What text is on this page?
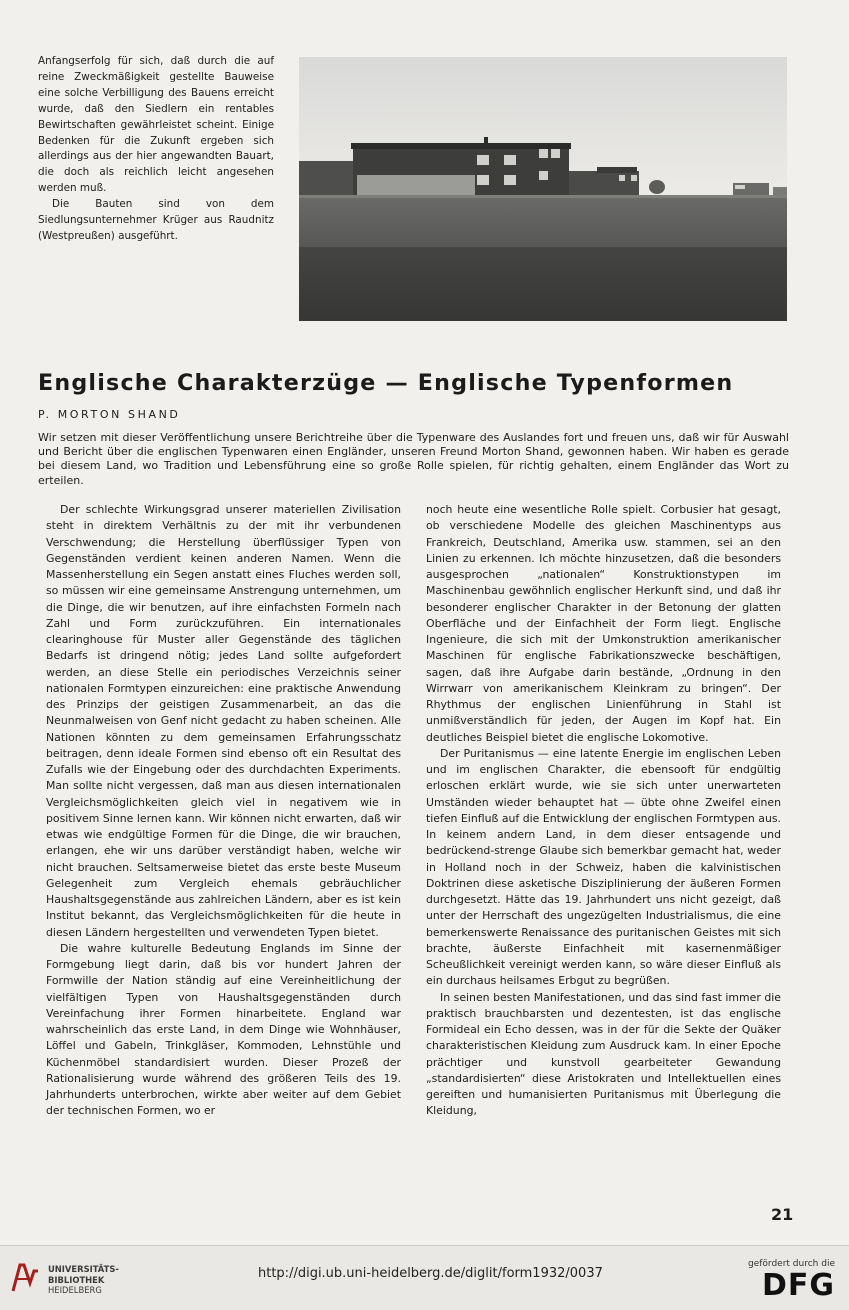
Anfangserfolg für sich, daß durch die auf reine Zweckmäßigkeit gestellte Bauweise eine solche Verbilligung des Bauens erreicht wurde, daß den Siedlern ein rentables Bewirtschaften gewährleistet scheint. Einige Bedenken für die Zukunft ergeben sich allerdings aus der hier angewandten Bauart, die doch als reichlich leicht angesehen werden muß.

Die Bauten sind von dem Siedlungsunternehmer Krüger aus Raudnitz (Westpreußen) ausgeführt.

Englische Charakterzüge — Englische Typenformen
P. MORTON SHAND

Wir setzen mit dieser Veröffentlichung unsere Berichtreihe über die Typenware des Auslandes fort und freuen uns, daß wir für Auswahl und Bericht über die englischen Typenwaren einen Engländer, unseren Freund Morton Shand, gewonnen haben. Wir haben es gerade bei diesem Land, wo Tradition und Lebensführung eine so große Rolle spielen, für richtig gehalten, einem Engländer das Wort zu erteilen.

Der schlechte Wirkungsgrad unserer materiellen Zivilisation steht in direktem Verhältnis zu der mit ihr verbundenen Verschwendung; die Herstellung überflüssiger Typen von Gegenständen verdient keinen anderen Namen. Wenn die Massenherstellung ein Segen anstatt eines Fluches werden soll, so müssen wir eine gemeinsame Anstrengung unternehmen, um die Dinge, die wir benutzen, auf ihre einfachsten Formeln nach Zahl und Form zurückzuführen. Ein internationales clearinghouse für Muster aller Gegenstände des täglichen Bedarfs ist dringend nötig; jedes Land sollte aufgefordert werden, an diese Stelle ein periodisches Verzeichnis seiner nationalen Formtypen einzureichen: eine praktische Anwendung des Prinzips der geistigen Zusammenarbeit, an das die Neunmalweisen von Genf nicht gedacht zu haben scheinen. Alle Nationen könnten zu dem gemeinsamen Erfahrungsschatz beitragen, denn ideale Formen sind ebenso oft ein Resultat des Zufalls wie der Eingebung oder des durchdachten Experiments. Man sollte nicht vergessen, daß man aus diesen internationalen Vergleichsmöglichkeiten gleich viel in negativem wie in positivem Sinne lernen kann. Wir können nicht erwarten, daß wir etwas wie endgültige Formen für die Dinge, die wir brauchen, erlangen, ehe wir uns darüber verständigt haben, welche wir nicht brauchen. Seltsamerweise bietet das erste beste Museum Gelegenheit zum Vergleich ehemals gebräuchlicher Haushaltsgegenstände aus zahlreichen Ländern, aber es ist kein Institut bekannt, das Vergleichsmöglichkeiten für die heute in diesen Ländern hergestellten und verwendeten Typen bietet.

Die wahre kulturelle Bedeutung Englands im Sinne der Formgebung liegt darin, daß bis vor hundert Jahren der Formwille der Nation ständig auf eine Vereinheitlichung der vielfältigen Typen von Haushaltsgegenständen durch Vereinfachung ihrer Formen hinarbeitete. England war wahrscheinlich das erste Land, in dem Dinge wie Wohnhäuser, Löffel und Gabeln, Trinkgläser, Kommoden, Lehnstühle und Küchenmöbel standardisiert wurden. Dieser Prozeß der Rationalisierung wurde während des größeren Teils des 19. Jahrhunderts unterbrochen, wirkte aber weiter auf dem Gebiet der technischen Formen, wo er

noch heute eine wesentliche Rolle spielt. Corbusier hat gesagt, ob verschiedene Modelle des gleichen Maschinentyps aus Frankreich, Deutschland, Amerika usw. stammen, sei an den Linien zu erkennen. Ich möchte hinzusetzen, daß die besonders ausgesprochen „nationalen“ Konstruktionstypen im Maschinenbau gewöhnlich englischer Herkunft sind, und daß ihr besonderer englischer Charakter in der Betonung der glatten Oberfläche und der Einfachheit der Form liegt. Englische Ingenieure, die sich mit der Umkonstruktion amerikanischer Maschinen für englische Fabrikationszwecke beschäftigen, sagen, daß ihre Aufgabe darin bestände, „Ordnung in den Wirrwarr von amerikanischem Kleinkram zu bringen“. Der Rhythmus der englischen Linienführung in Stahl ist unmißverständlich für jeden, der Augen im Kopf hat. Ein deutliches Beispiel bietet die englische Lokomotive.

Der Puritanismus — eine latente Energie im englischen Leben und im englischen Charakter, die ebensooft für endgültig erloschen erklärt wurde, wie sie sich unter unerwarteten Umständen wieder behauptet hat — übte ohne Zweifel einen tiefen Einfluß auf die Entwicklung der englischen Formtypen aus. In keinem andern Land, in dem dieser entsagende und bedrückend-strenge Glaube sich bemerkbar gemacht hat, weder in Holland noch in der Schweiz, haben die kalvinistischen Doktrinen diese asketische Disziplinierung der äußeren Formen durchgesetzt. Hätte das 19. Jahrhundert uns nicht gezeigt, daß unter der Herrschaft des ungezügelten Industrialismus, die eine bemerkenswerte Renaissance des puritanischen Geistes mit sich brachte, äußerste Einfachheit mit kasernenmäßiger Scheußlichkeit vereinigt werden kann, so wäre dieser Einfluß als ein durchaus heilsames Erbgut zu begrüßen.

In seinen besten Manifestationen, und das sind fast immer die praktisch brauchbarsten und dezentesten, ist das englische Formideal ein Echo dessen, was in der für die Sekte der Quäker charakteristischen Kleidung zum Ausdruck kam. In einer Epoche prächtiger und kunstvoll gearbeiteter Gewandung „standardisierten“ diese Aristokraten und Intellektuellen eines gereiften und humanisierten Puritanismus mit Überlegung die Kleidung,

21
UNIVERSITÄTS-
BIBLIOTHEK
HEIDELBERG
http://digi.ub.uni-heidelberg.de/diglit/form1932/0037
gefördert durch die
DFG
